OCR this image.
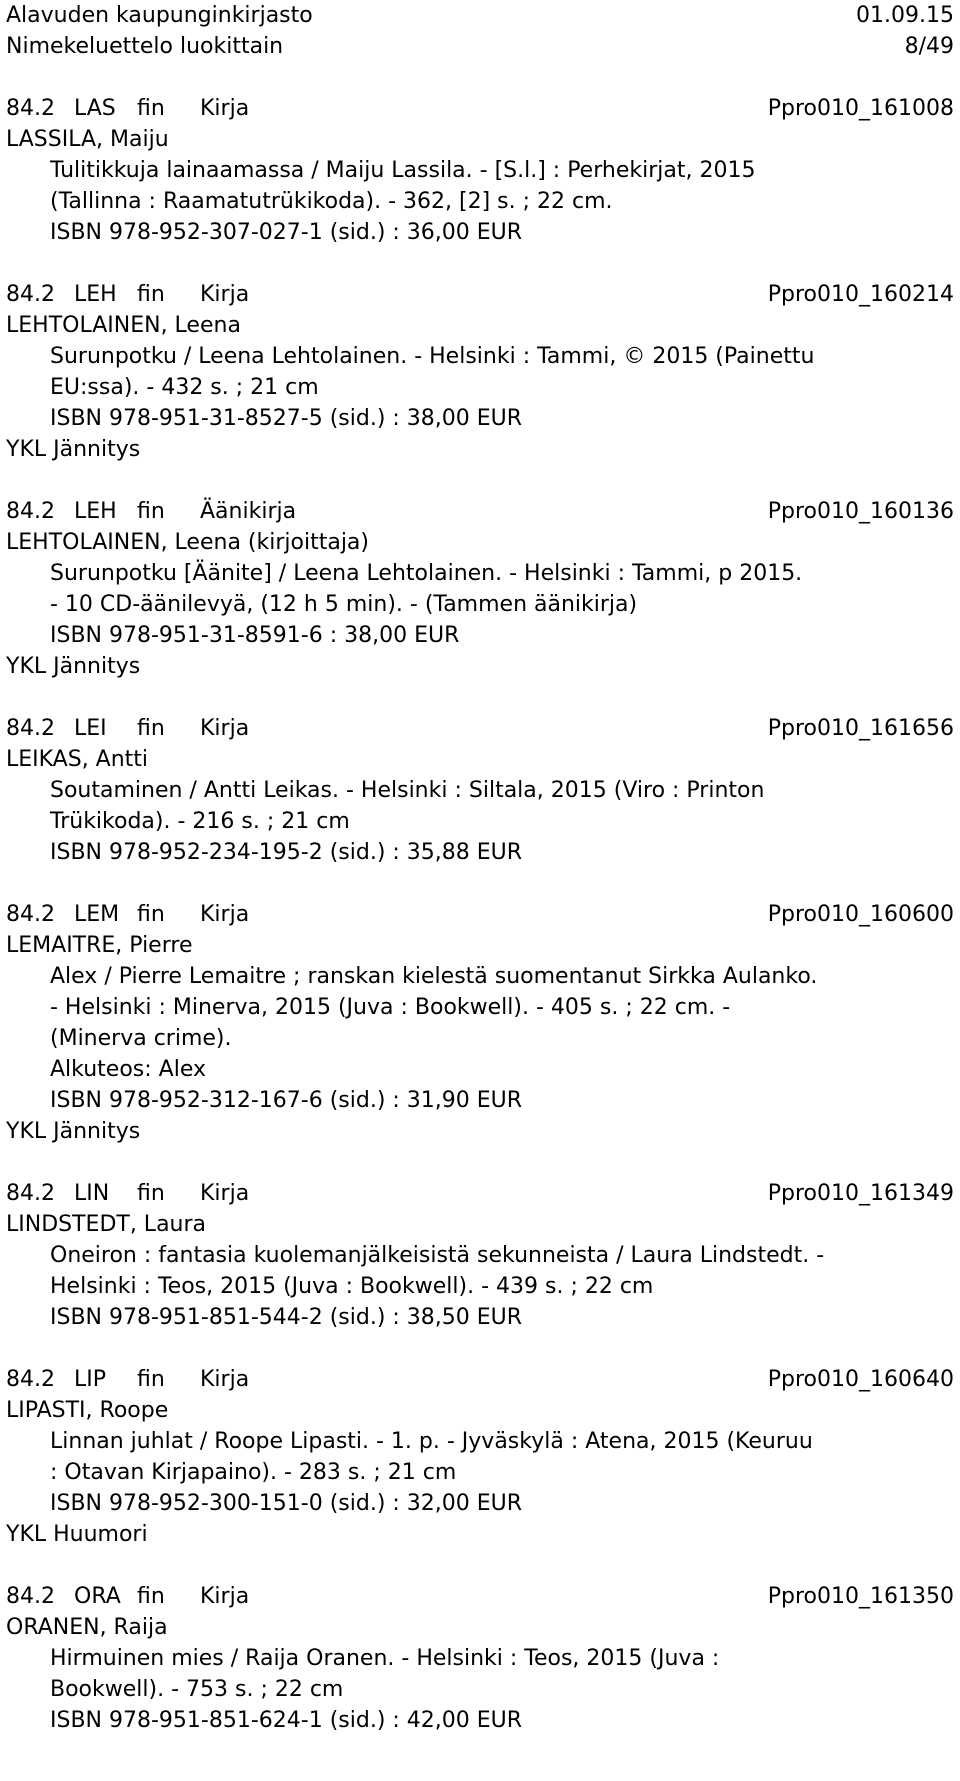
Alavuden kaupunginkirjasto	01.09.15
Nimekeluettelo luokittain	8/49
84.2 LAS fin	Kirja	Ppro010_161008
LASSILA, Maiju
Tulitikkuja lainaamassa / Maiju Lassila. - [S.l.] : Perhekirjat, 2015
(Tallinna : Raamatutrükikoda). - 362, [2] s. ; 22 cm.
ISBN 978-952-307-027-1 (sid.) : 36,00 EUR
84.2 LEH fin	Kirja	Ppro010_160214
LEHTOLAINEN, Leena
Surunpotku / Leena Lehtolainen. - Helsinki : Tammi, © 2015 (Painettu
EU:ssa). - 432 s. ; 21 cm
ISBN 978-951-31-8527-5 (sid.) : 38,00 EUR
YKL Jännitys
84.2 LEH fin	Äänikirja	Ppro010_160136
LEHTOLAINEN, Leena (kirjoittaja)
Surunpotku [Äänite] / Leena Lehtolainen. - Helsinki : Tammi, p 2015.
- 10 CD-äänilevyä, (12 h 5 min). - (Tammen äänikirja)
ISBN 978-951-31-8591-6 : 38,00 EUR
YKL Jännitys
84.2 LEI	fin	Kirja	Ppro010_161656
LEIKAS, Antti
Soutaminen / Antti Leikas. - Helsinki : Siltala, 2015 (Viro : Printon
Trükikoda). - 216 s. ; 21 cm
ISBN 978-952-234-195-2 (sid.) : 35,88 EUR
84.2 LEM fin	Kirja	Ppro010_160600
LEMAITRE, Pierre
Alex / Pierre Lemaitre ; ranskan kielestä suomentanut Sirkka Aulanko.
- Helsinki : Minerva, 2015 (Juva : Bookwell). - 405 s. ; 22 cm. -
(Minerva crime).
Alkuteos: Alex
ISBN 978-952-312-167-6 (sid.) : 31,90 EUR
YKL Jännitys
84.2 LIN	fin	Kirja	Ppro010_161349
LINDSTEDT, Laura
Oneiron : fantasia kuolemanjälkeisistä sekunneista / Laura Lindstedt. -
Helsinki : Teos, 2015 (Juva : Bookwell). - 439 s. ; 22 cm
ISBN 978-951-851-544-2 (sid.) : 38,50 EUR
84.2 LIP	fin	Kirja	Ppro010_160640
LIPASTI, Roope
Linnan juhlat / Roope Lipasti. - 1. p. - Jyväskylä : Atena, 2015 (Keuruu
: Otavan Kirjapaino). - 283 s. ; 21 cm
ISBN 978-952-300-151-0 (sid.) : 32,00 EUR
YKL Huumori
84.2 ORA fin	Kirja	Ppro010_161350
ORANEN, Raija
Hirmuinen mies / Raija Oranen. - Helsinki : Teos, 2015 (Juva :
Bookwell). - 753 s. ; 22 cm
ISBN 978-951-851-624-1 (sid.) : 42,00 EUR
